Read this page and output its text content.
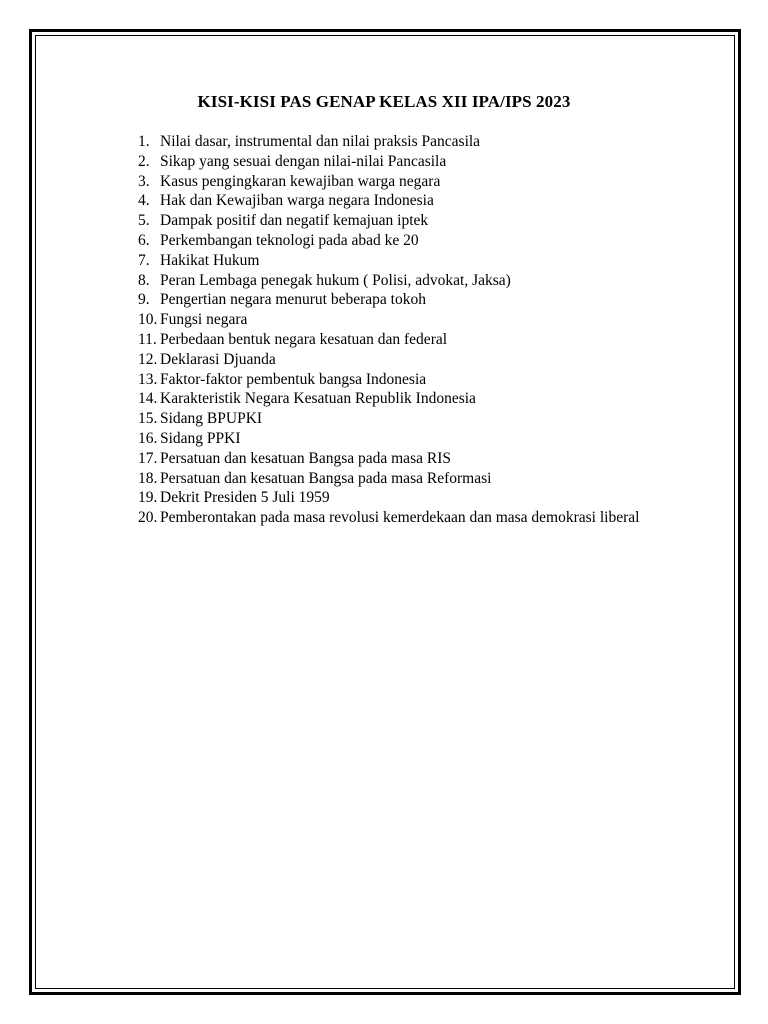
KISI-KISI PAS GENAP KELAS XII IPA/IPS 2023
1. Nilai dasar, instrumental dan nilai praksis Pancasila
2. Sikap yang sesuai dengan nilai-nilai Pancasila
3. Kasus pengingkaran kewajiban warga negara
4. Hak dan Kewajiban warga negara Indonesia
5. Dampak positif dan negatif kemajuan iptek
6. Perkembangan teknologi pada abad ke 20
7. Hakikat Hukum
8. Peran Lembaga penegak hukum ( Polisi, advokat, Jaksa)
9. Pengertian negara menurut beberapa tokoh
10. Fungsi negara
11. Perbedaan bentuk negara kesatuan dan federal
12. Deklarasi Djuanda
13. Faktor-faktor pembentuk bangsa Indonesia
14. Karakteristik Negara Kesatuan Republik Indonesia
15. Sidang BPUPKI
16. Sidang PPKI
17. Persatuan dan kesatuan Bangsa pada masa RIS
18. Persatuan dan kesatuan Bangsa pada masa Reformasi
19. Dekrit Presiden 5 Juli 1959
20. Pemberontakan pada masa revolusi kemerdekaan dan masa demokrasi liberal
